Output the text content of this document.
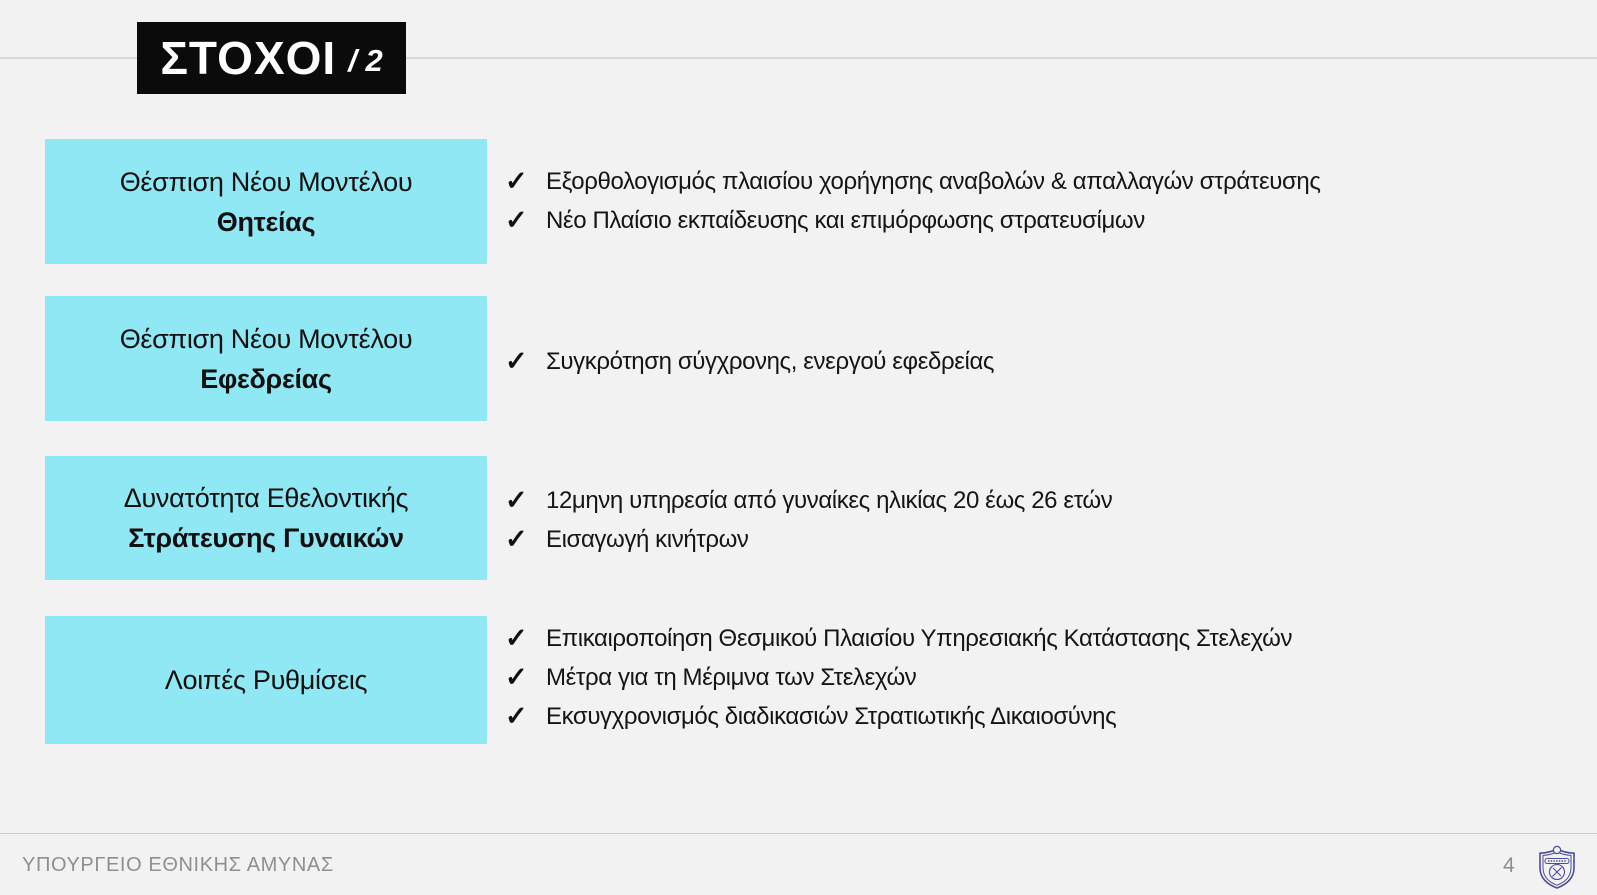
ΣΤΟΧΟΙ / 2
Θέσπιση Νέου Μοντέλου
Θητείας
✓ Εξορθολογισμός πλαισίου χορήγησης αναβολών & απαλλαγών στράτευσης
✓ Νέο Πλαίσιο εκπαίδευσης και επιμόρφωσης στρατευσίμων
Θέσπιση Νέου Μοντέλου
Εφεδρείας
✓ Συγκρότηση σύγχρονης, ενεργού εφεδρείας
Δυνατότητα Εθελοντικής
Στράτευσης Γυναικών
✓ 12μηνη υπηρεσία από γυναίκες ηλικίας 20 έως 26 ετών
✓ Εισαγωγή κινήτρων
Λοιπές Ρυθμίσεις
✓ Επικαιροποίηση Θεσμικού Πλαισίου Υπηρεσιακής Κατάστασης Στελεχών
✓ Μέτρα για τη Μέριμνα των Στελεχών
✓ Εκσυγχρονισμός διαδικασιών Στρατιωτικής Δικαιοσύνης
ΥΠΟΥΡΓΕΙΟ ΕΘΝΙΚΗΣ ΑΜΥΝΑΣ	4
